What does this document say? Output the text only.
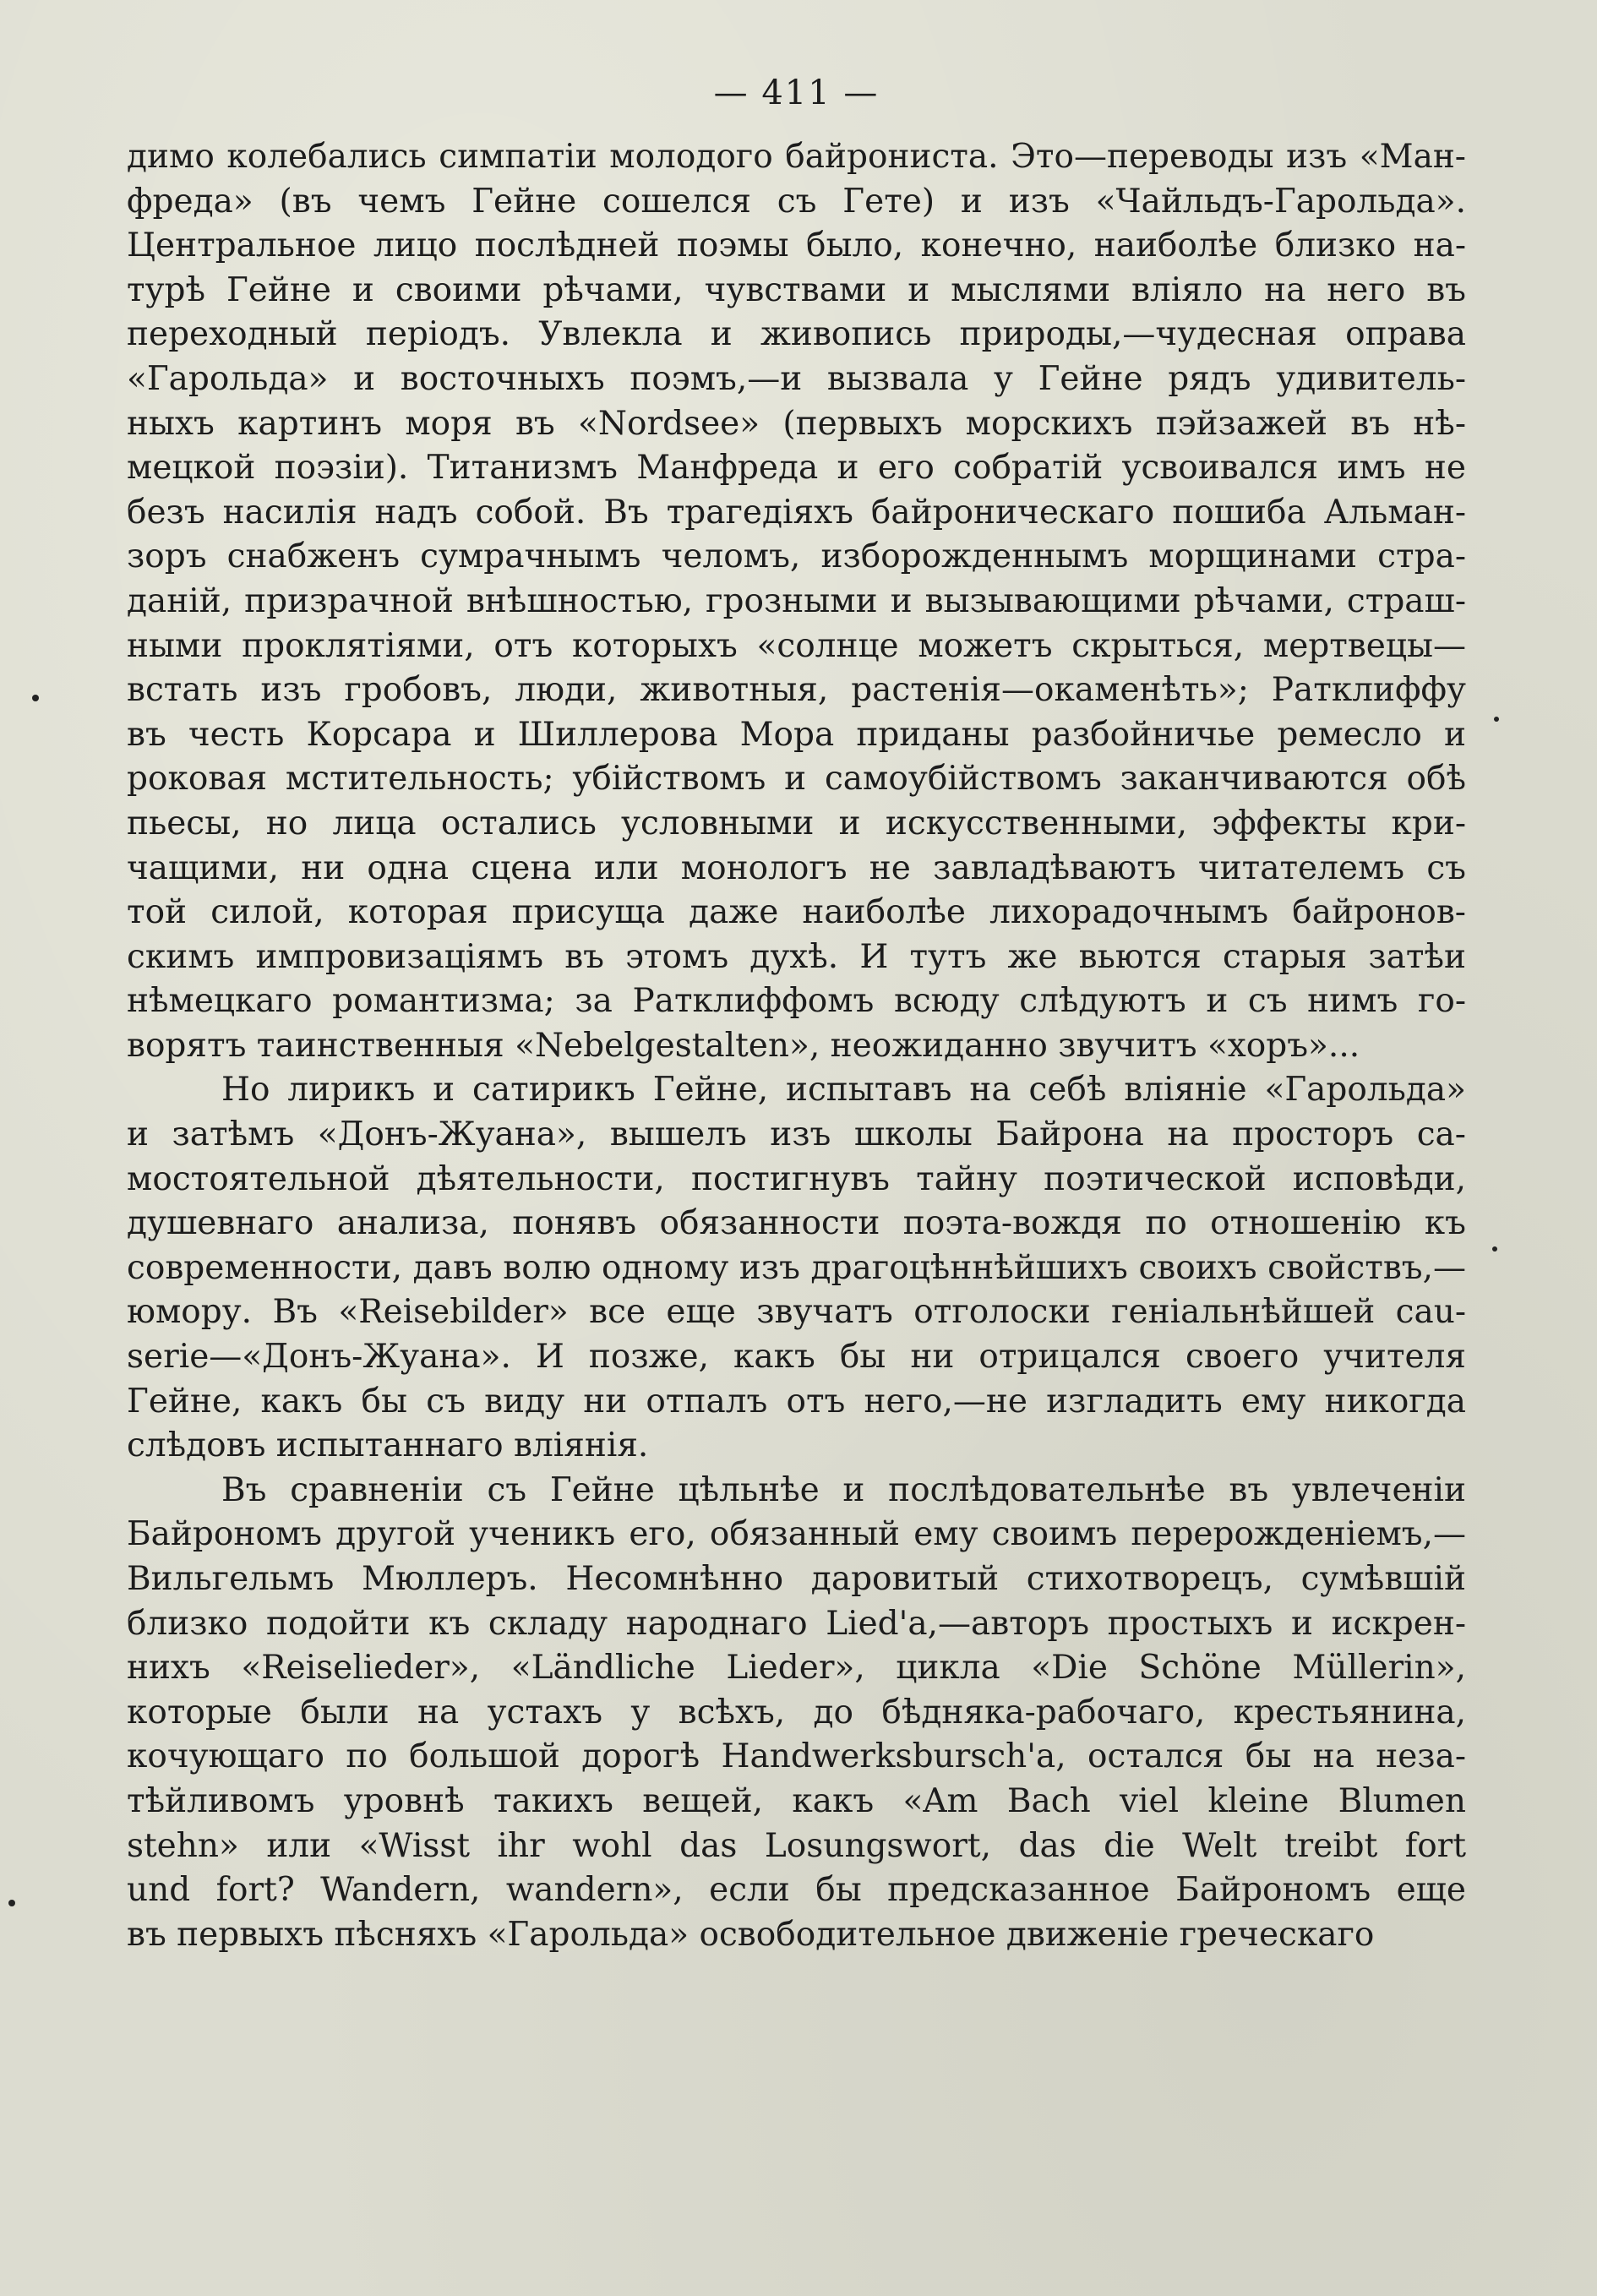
— 411 —
димо колебались симпатіи молодого байрониста. Это—переводы изъ «Ман-
фреда» (въ чемъ Гейне сошелся съ Гете) и изъ «Чайльдъ-Гарольда».
Центральное лицо послѣдней поэмы было, конечно, наиболѣе близко на-
турѣ Гейне и своими рѣчами, чувствами и мыслями вліяло на него въ
переходный періодъ. Увлекла и живопись природы,—чудесная оправа
«Гарольда» и восточныхъ поэмъ,—и вызвала у Гейне рядъ удивитель-
ныхъ картинъ моря въ «Nordsee» (первыхъ морскихъ пэйзажей въ нѣ-
мецкой поэзіи). Титанизмъ Манфреда и его собратій усвоивался имъ не
безъ насилія надъ собой. Въ трагедіяхъ байроническаго пошиба Альман-
зоръ снабженъ сумрачнымъ челомъ, изборожденнымъ морщинами стра-
даній, призрачной внѣшностью, грозными и вызывающими рѣчами, страш-
ными проклятіями, отъ которыхъ «солнце можетъ скрыться, мертвецы—
встать изъ гробовъ, люди, животныя, растенія—окаменѣть»; Ратклиффу
въ честь Корсара и Шиллерова Мора приданы разбойничье ремесло и
роковая мстительность; убійствомъ и самоубійствомъ заканчиваются обѣ
пьесы, но лица остались условными и искусственными, эффекты кри-
чащими, ни одна сцена или монологъ не завладѣваютъ читателемъ съ
той силой, которая присуща даже наиболѣе лихорадочнымъ байронов-
скимъ импровизаціямъ въ этомъ духѣ. И тутъ же вьются старыя затѣи
нѣмецкаго романтизма; за Ратклиффомъ всюду слѣдуютъ и съ нимъ го-
ворятъ таинственныя «Nebelgestalten», неожиданно звучитъ «хоръ»...
Но лирикъ и сатирикъ Гейне, испытавъ на себѣ вліяніе «Гарольда»
и затѣмъ «Донъ-Жуана», вышелъ изъ школы Байрона на просторъ са-
мостоятельной дѣятельности, постигнувъ тайну поэтической исповѣди,
душевнаго анализа, понявъ обязанности поэта-вождя по отношенію къ
современности, давъ волю одному изъ драгоцѣннѣйшихъ своихъ свойствъ,—
юмору. Въ «Reisebilder» все еще звучатъ отголоски геніальнѣйшей cau-
serie—«Донъ-Жуана». И позже, какъ бы ни отрицался своего учителя
Гейне, какъ бы съ виду ни отпалъ отъ него,—не изгладить ему никогда
слѣдовъ испытаннаго вліянія.
Въ сравненіи съ Гейне цѣльнѣе и послѣдовательнѣе въ увлеченіи
Байрономъ другой ученикъ его, обязанный ему своимъ перерожденіемъ,—
Вильгельмъ Мюллеръ. Несомнѣнно даровитый стихотворецъ, сумѣвшій
близко подойти къ складу народнаго Lied'a,—авторъ простыхъ и искрен-
нихъ «Reiselieder», «Ländliche Lieder», цикла «Die Schöne Müllerin»,
которые были на устахъ у всѣхъ, до бѣдняка-рабочаго, крестьянина,
кочующаго по большой дорогѣ Handwerksbursch'a, остался бы на неза-
тѣйливомъ уровнѣ такихъ вещей, какъ «Am Bach viel kleine Blumen
stehn» или «Wisst ihr wohl das Losungswort, das die Welt treibt fort
und fort? Wandern, wandern», если бы предсказанное Байрономъ еще
въ первыхъ пѣсняхъ «Гарольда» освободительное движеніе греческаго
